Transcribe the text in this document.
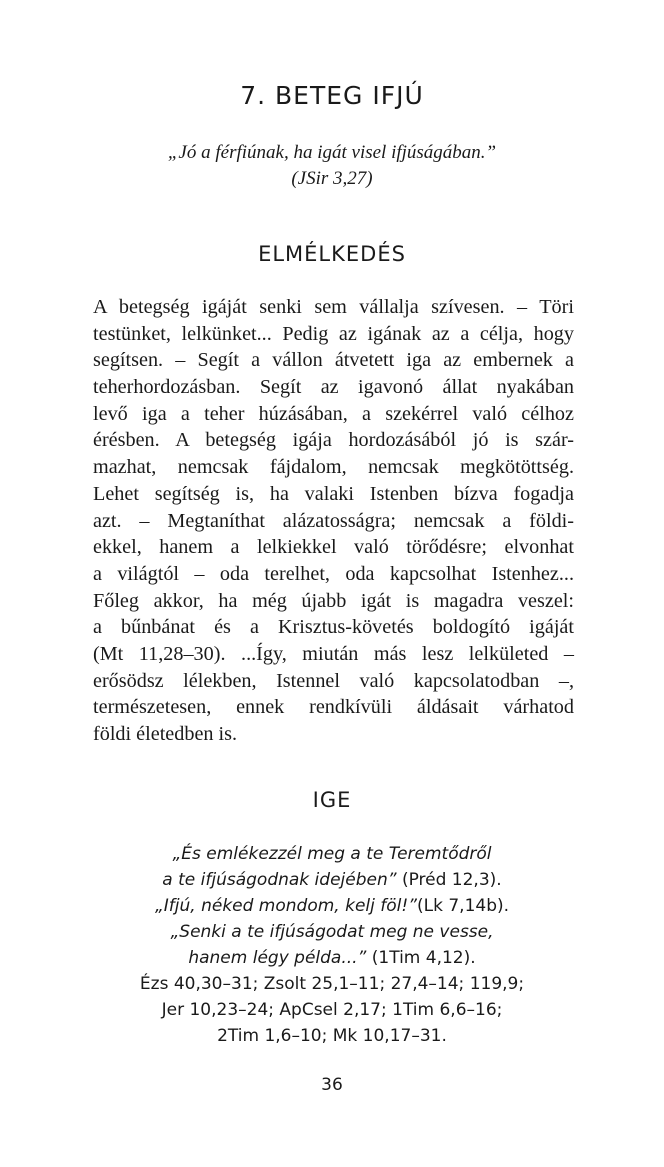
7. BETEG IFJÚ
„Jó a férfiúnak, ha igát visel ifjúságában.”
(JSir 3,27)
ELMÉLKEDÉS
A betegség igáját senki sem vállalja szívesen. – Töri
testünket, lelkünket... Pedig az igának az a célja, hogy
segítsen. – Segít a vállon átvetett iga az embernek a
teherhordozásban. Segít az igavonó állat nyakában
levő iga a teher húzásában, a szekérrel való célhoz
érésben. A betegség igája hordozásából jó is szár-
mazhat, nemcsak fájdalom, nemcsak megkötöttség.
Lehet segítség is, ha valaki Istenben bízva fogadja
azt. – Megtaníthat alázatosságra; nemcsak a földi-
ekkel, hanem a lelkiekkel való törődésre; elvonhat
a világtól – oda terelhet, oda kapcsolhat Istenhez...
Főleg akkor, ha még újabb igát is magadra veszel:
a bűnbánat és a Krisztus-követés boldogító igáját
(Mt 11,28–30). ...Így, miután más lesz lelkületed –
erősödsz lélekben, Istennel való kapcsolatodban –,
természetesen, ennek rendkívüli áldásait várhatod
földi életedben is.
IGE
„És emlékezzél meg a te Teremtődről
a te ifjúságodnak idejében” (Préd 12,3).
„Ifjú, néked mondom, kelj föl!”(Lk 7,14b).
„Senki a te ifjúságodat meg ne vesse,
hanem légy példa...” (1Tim 4,12).
Ézs 40,30–31; Zsolt 25,1–11; 27,4–14; 119,9;
Jer 10,23–24; ApCsel 2,17; 1Tim 6,6–16;
2Tim 1,6–10; Mk 10,17–31.
36
